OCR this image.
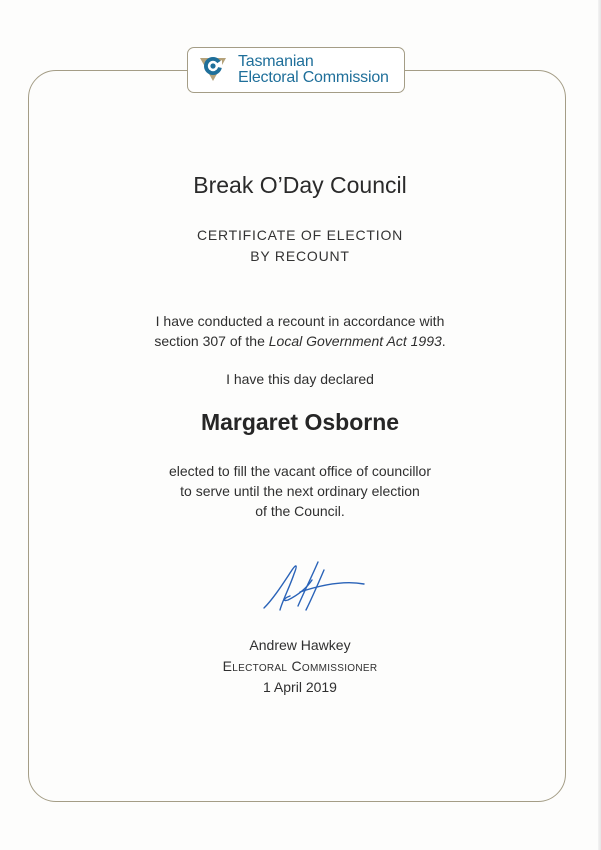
Tasmanian
Electoral Commission
Break O’Day Council
CERTIFICATE OF ELECTION
BY RECOUNT
I have conducted a recount in accordance with
section 307 of the Local Government Act 1993.
I have this day declared
Margaret Osborne
elected to fill the vacant office of councillor
to serve until the next ordinary election
of the Council.
Andrew Hawkey
Electoral Commissioner
1 April 2019
